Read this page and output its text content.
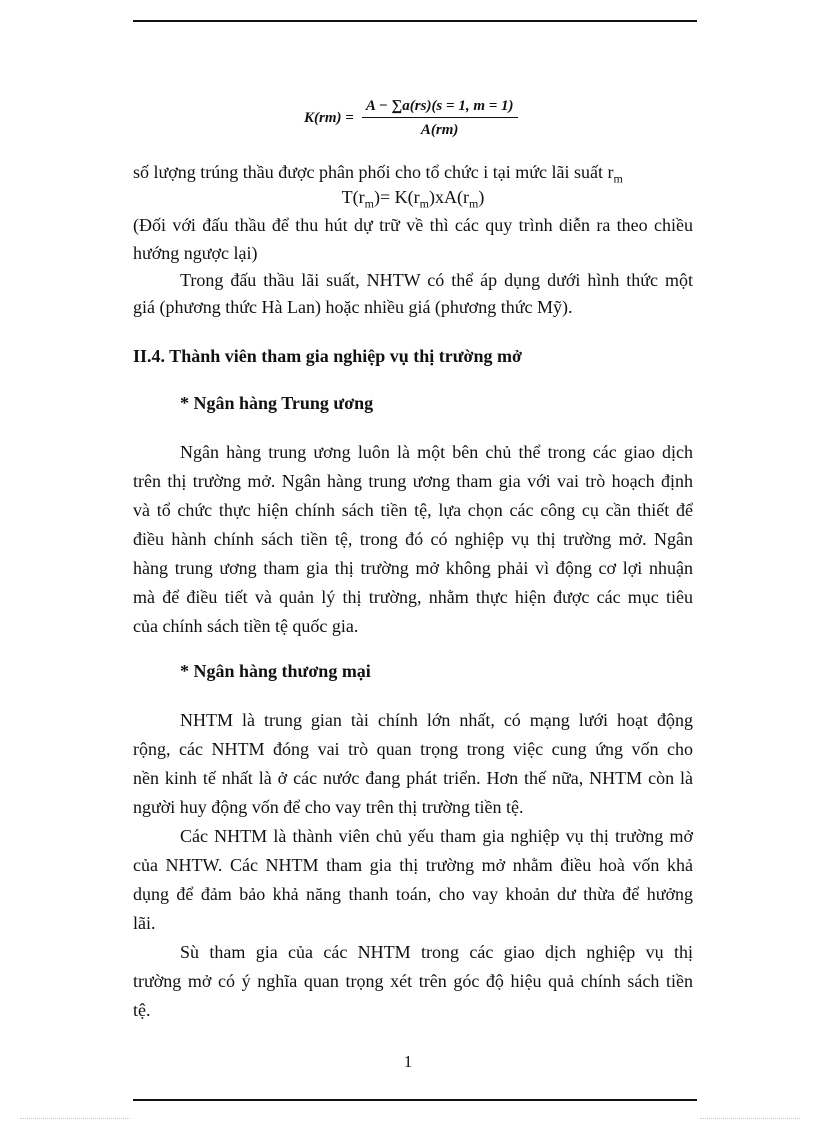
$K(rm) = \frac{A - \sum a(rs)(s = 1, m = 1)}{A(rm)}$
số lượng trúng thầu được phân phối cho tổ chức i tại mức lãi suất $r_m$
$T(r_m)= K(r_m)xA(r_m)$
(Đối với đấu thầu để thu hút dự trữ về thì các quy trình diễn ra theo chiều
hướng ngược lại)
Trong đấu thầu lãi suất, NHTW có thể áp dụng dưới hình thức một
giá (phương thức Hà Lan) hoặc nhiều giá (phương thức Mỹ).
II.4. Thành viên tham gia nghiệp vụ thị trường mở
* Ngân hàng Trung ương
Ngân hàng trung ương luôn là một bên chủ thể trong các giao dịch
trên thị trường mở. Ngân hàng trung ương tham gia với vai trò hoạch định
và tổ chức thực hiện chính sách tiền tệ, lựa chọn các công cụ cần thiết để
điều hành chính sách tiền tệ, trong đó có nghiệp vụ thị trường mở. Ngân
hàng trung ương tham gia thị trường mở không phải vì động cơ lợi nhuận
mà để điều tiết và quản lý thị trường, nhằm thực hiện được các mục tiêu
của chính sách tiền tệ quốc gia.
* Ngân hàng thương mại
NHTM là trung gian tài chính lớn nhất, có mạng lưới hoạt động
rộng, các NHTM đóng vai trò quan trọng trong việc cung ứng vốn cho
nền kinh tế nhất là ở các nước đang phát triển. Hơn thế nữa, NHTM còn là
người huy động vốn để cho vay trên thị trường tiền tệ.
Các NHTM là thành viên chủ yếu tham gia nghiệp vụ thị trường mở
của NHTW. Các NHTM tham gia thị trường mở nhằm điều hoà vốn khả
dụng để đảm bảo khả năng thanh toán, cho vay khoản dư thừa để hưởng
lãi.
Sù tham gia của các NHTM trong các giao dịch nghiệp vụ thị
trường mở có ý nghĩa quan trọng xét trên góc độ hiệu quả chính sách tiền
tệ.
1
